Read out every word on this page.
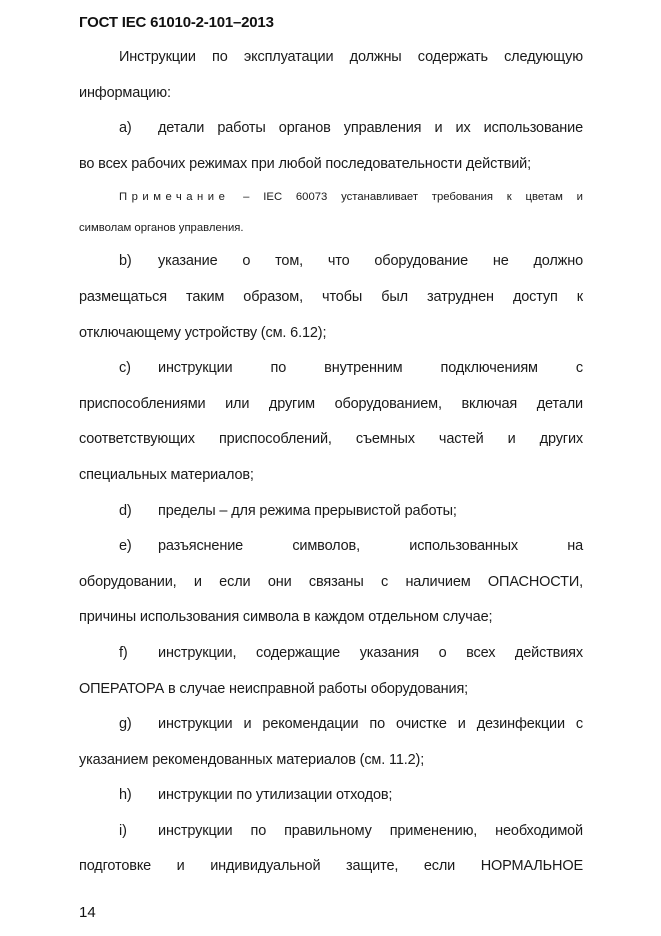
ГОСТ IEC 61010-2-101–2013
Инструкции по эксплуатации должны содержать следующую
информацию:
a)	детали работы органов управления и их использование
во всех рабочих режимах при любой последовательности действий;
Примечание – IEC 60073 устанавливает требования к цветам и
символам органов управления.
b)	указание о том, что оборудование не должно
размещаться таким образом, чтобы был затруднен доступ к
отключающему устройству (см. 6.12);
c)	инструкции по внутренним подключениям с
приспособлениями или другим оборудованием, включая детали
соответствующих приспособлений, съемных частей и других
специальных материалов;
d)	пределы – для режима прерывистой работы;
e)	разъяснение символов, использованных на
оборудовании, и если они связаны с наличием ОПАСНОСТИ,
причины использования символа в каждом отдельном случае;
f)	инструкции, содержащие указания о всех действиях
ОПЕРАТОРА в случае неисправной работы оборудования;
g)	инструкции и рекомендации по очистке и дезинфекции с
указанием рекомендованных материалов (см. 11.2);
h)	инструкции по утилизации отходов;
i)	инструкции по правильному применению, необходимой
подготовке и индивидуальной защите, если НОРМАЛЬНОЕ
14
